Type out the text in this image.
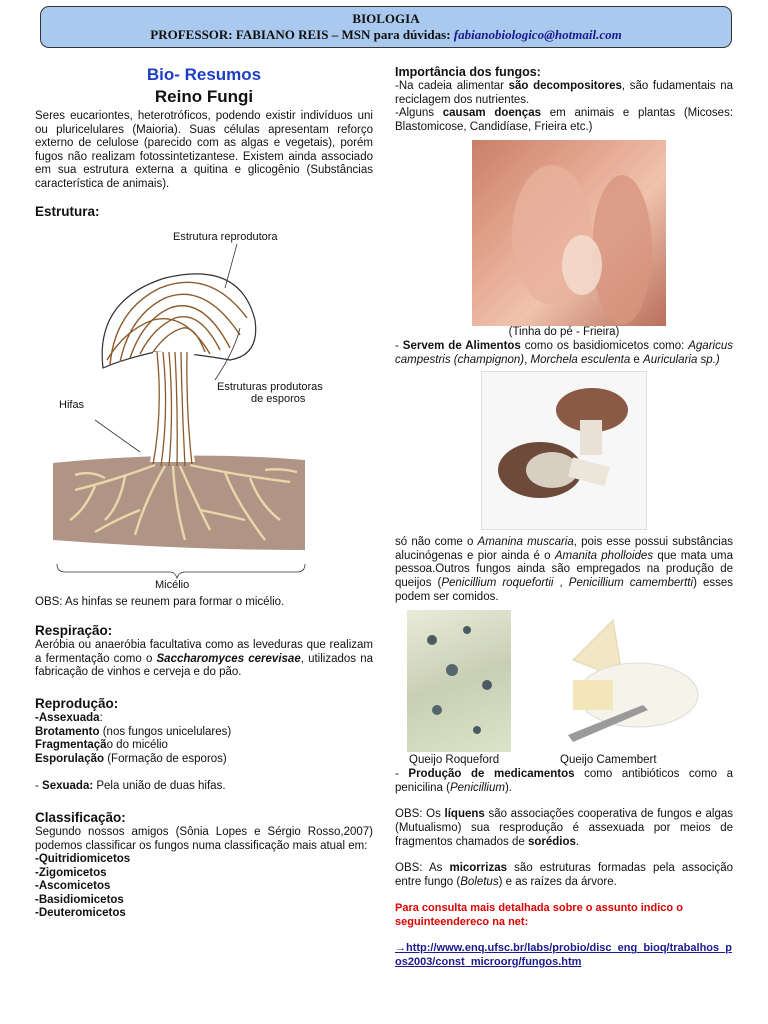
BIOLOGIA
PROFESSOR: FABIANO REIS – MSN para dúvidas: fabianobiologico@hotmail.com

Bio- Resumos

Reino Fungi

Seres eucariontes, heterotróficos, podendo existir indivíduos uni ou pluricelulares (Maioria). Suas células apresentam reforço externo de celulose (parecido com as algas e vegetais), porém fugos não realizam fotossintetizantese. Existem ainda associado em sua estrutura externa a quitina e glicogênio (Substâncias característica de animais).

Estrutura:

Estrutura reprodutora
Estruturas produtoras
de esporos
Hifas
Micélio

OBS: As hinfas se reunem para formar o micélio.

Respiração:

Aeróbia ou anaeróbia facultativa como as leveduras que realizam a fermentação como o Saccharomyces cerevisae, utilizados na fabricação de vinhos e cerveja e do pão.

Reprodução:

-Assexuada:

Brotamento (nos fungos unicelulares)

Fragmentação do micélio

Esporulação (Formação de esporos)

- Sexuada: Pela união de duas hifas.

Classificação:

Segundo nossos amigos (Sônia Lopes e Sérgio Rosso,2007) podemos classificar os fungos numa classificação mais atual em:

-Quitridiomicetos

-Zigomicetos

-Ascomicetos

-Basidiomicetos

-Deuteromicetos

Importância dos fungos:

-Na cadeia alimentar são decompositores, são fudamentais na reciclagem dos nutrientes.

-Alguns causam doenças em animais e plantas (Micoses: Blastomicose, Candidíase, Frieira etc.)

(Tinha do pé - Frieira)

- Servem de Alimentos como os basidiomicetos como: Agaricus campestris (champignon), Morchela esculenta e Auricularia sp.)

só não come o Amanina muscaria, pois esse possui substâncias alucinógenas e pior ainda é o Amanita pholloides que mata uma pessoa.Outros fungos ainda são empregados na produção de queijos (Penicillium roquefortii , Penicillium camembertti) esses podem ser comidos.

Queijo Roqueford	Queijo Camembert

- Produção de medicamentos como antibióticos como a penicilina (Penicillium).

OBS: Os líquens são associações cooperativa de fungos e algas (Mutualismo) sua resprodução é assexuada por meios de fragmentos chamados de sorédios.

OBS: As micorrizas são estruturas formadas pela associção entre fungo (Boletus) e as raízes da árvore.

Para consulta mais detalhada sobre o assunto indico o seguinteendereco na net:

→http://www.enq.ufsc.br/labs/probio/disc_eng_bioq/trabalhos_pos2003/const_microorg/fungos.htm
